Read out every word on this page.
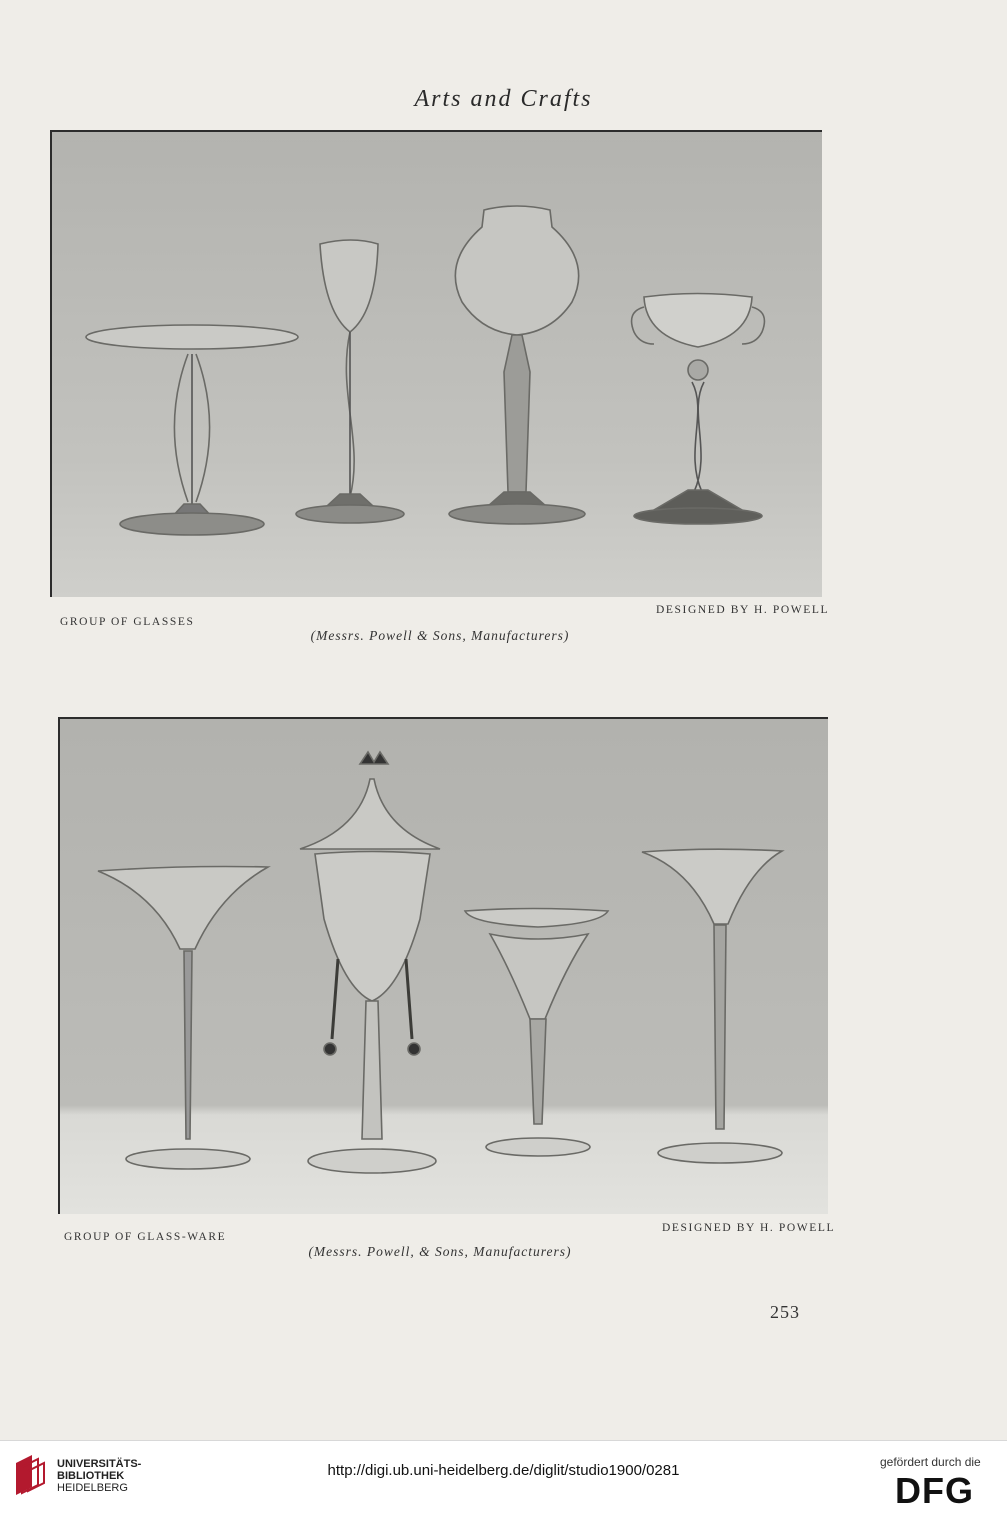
Arts and Crafts
GROUP OF GLASSES
DESIGNED BY H. POWELL
(Messrs. Powell & Sons, Manufacturers)
GROUP OF GLASS-WARE
DESIGNED BY H. POWELL
(Messrs. Powell, & Sons, Manufacturers)
253
UNIVERSITÄTS-
BIBLIOTHEK
HEIDELBERG
http://digi.ub.uni-heidelberg.de/diglit/studio1900/0281	gefördert durch die
DFG
